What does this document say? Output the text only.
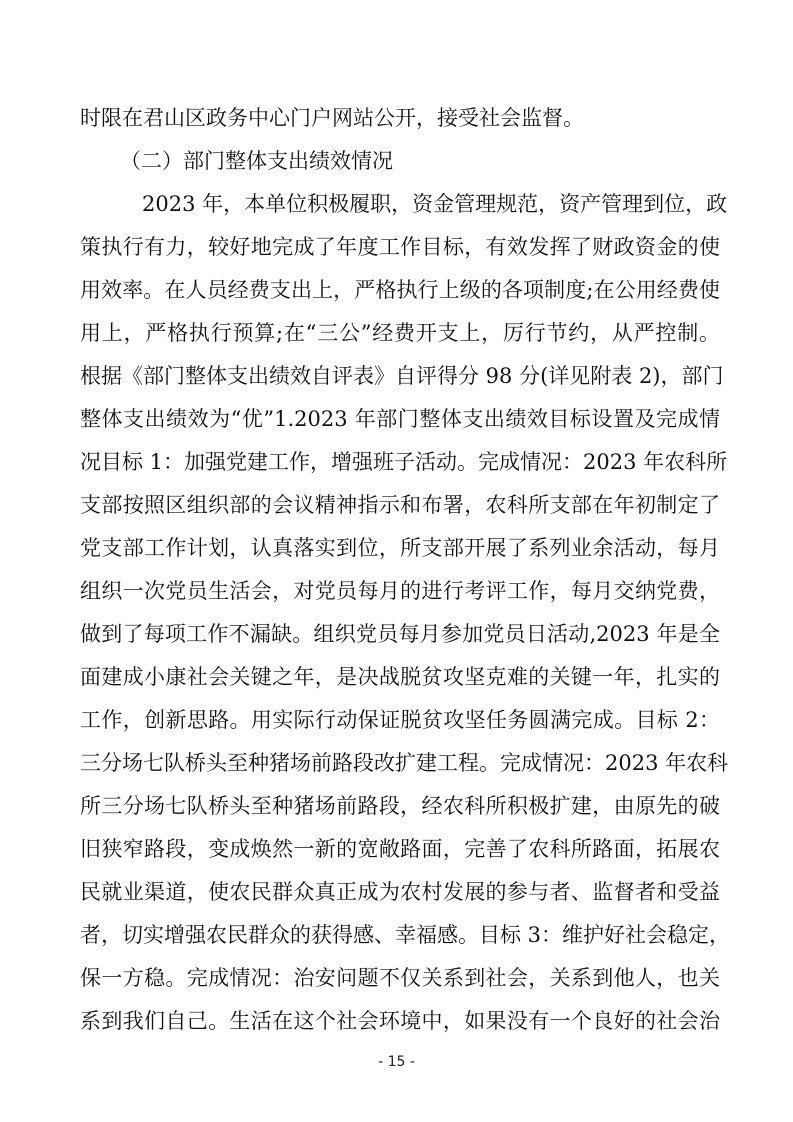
时限在君山区政务中心门户网站公开，接受社会监督。
（二）部门整体支出绩效情况
2023 年，本单位积极履职，资金管理规范，资产管理到位，政
策执行有力，较好地完成了年度工作目标，有效发挥了财政资金的使
用效率。在人员经费支出上，严格执行上级的各项制度;在公用经费使
用上，严格执行预算;在“三公”经费开支上，厉行节约，从严控制。
根据《部门整体支出绩效自评表》自评得分 98 分(详见附表 2)，部门
整体支出绩效为“优”1.2023 年部门整体支出绩效目标设置及完成情
况目标 1：加强党建工作，增强班子活动。完成情况：2023 年农科所
支部按照区组织部的会议精神指示和布署，农科所支部在年初制定了
党支部工作计划，认真落实到位，所支部开展了系列业余活动，每月
组织一次党员生活会，对党员每月的进行考评工作，每月交纳党费，
做到了每项工作不漏缺。组织党员每月参加党员日活动,2023 年是全
面建成小康社会关键之年，是决战脱贫攻坚克难的关键一年，扎实的
工作，创新思路。用实际行动保证脱贫攻坚任务圆满完成。目标 2：
三分场七队桥头至种猪场前路段改扩建工程。完成情况：2023 年农科
所三分场七队桥头至种猪场前路段，经农科所积极扩建，由原先的破
旧狭窄路段，变成焕然一新的宽敞路面，完善了农科所路面，拓展农
民就业渠道，使农民群众真正成为农村发展的参与者、监督者和受益
者，切实增强农民群众的获得感、幸福感。目标 3：维护好社会稳定，
保一方稳。完成情况：治安问题不仅关系到社会，关系到他人，也关
系到我们自己。生活在这个社会环境中，如果没有一个良好的社会治
- 15 -
